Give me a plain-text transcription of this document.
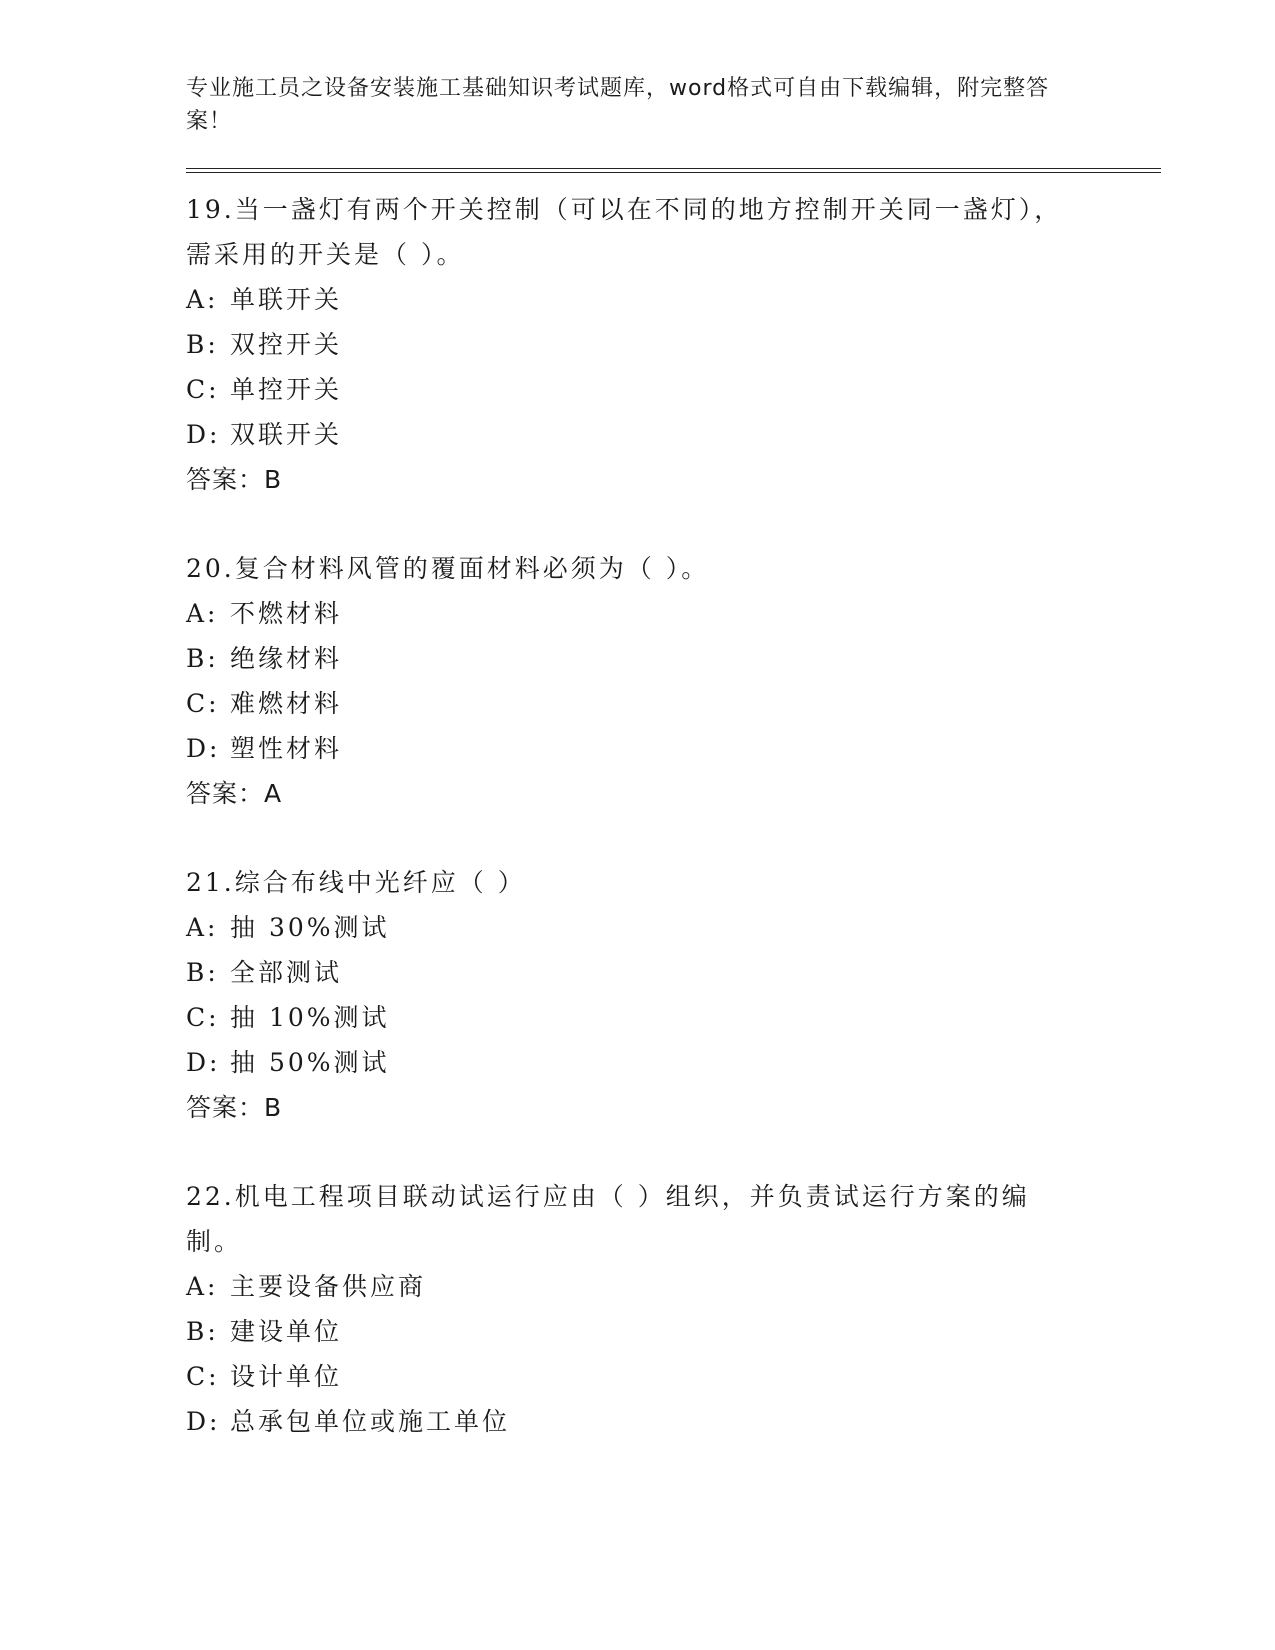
专业施工员之设备安装施工基础知识考试题库，word格式可自由下载编辑，附完整答案！
19.当一盏灯有两个开关控制（可以在不同的地方控制开关同一盏灯），需采用的开关是（ ）。
A: 单联开关
B: 双控开关
C: 单控开关
D: 双联开关
答案：B
20.复合材料风管的覆面材料必须为（ ）。
A: 不燃材料
B: 绝缘材料
C: 难燃材料
D: 塑性材料
答案：A
21.综合布线中光纤应（ ）
A: 抽 30%测试
B: 全部测试
C: 抽 10%测试
D: 抽 50%测试
答案：B
22.机电工程项目联动试运行应由（ ）组织，并负责试运行方案的编制。
A: 主要设备供应商
B: 建设单位
C: 设计单位
D: 总承包单位或施工单位
